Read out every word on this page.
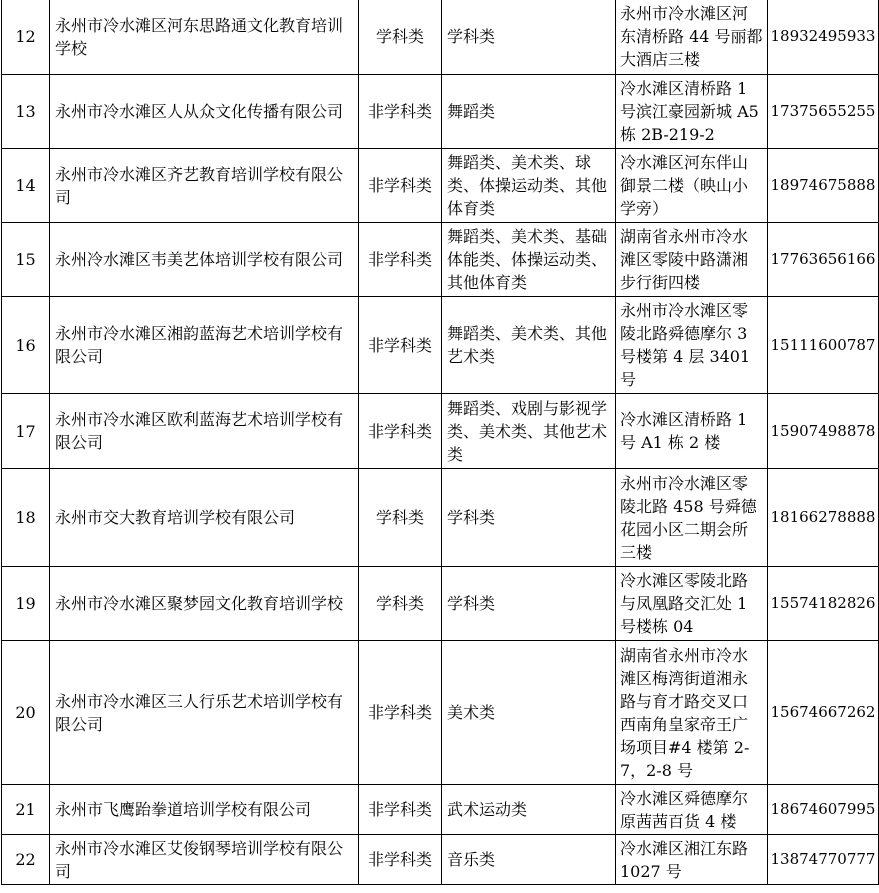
12	永州市冷水滩区河东思路通文化教育培训学校	学科类	学科类	永州市冷水滩区河东清桥路 44 号丽都大酒店三楼	18932495933
13	永州市冷水滩区人从众文化传播有限公司	非学科类	舞蹈类	冷水滩区清桥路 1 号滨江豪园新城 A5 栋 2B-219-2	17375655255
14	永州市冷水滩区齐艺教育培训学校有限公司	非学科类	舞蹈类、美术类、球类、体操运动类、其他体育类	冷水滩区河东伴山御景二楼（映山小学旁）	18974675888
15	永州冷水滩区韦美艺体培训学校有限公司	非学科类	舞蹈类、美术类、基础体能类、体操运动类、其他体育类	湖南省永州市冷水滩区零陵中路潇湘步行街四楼	17763656166
16	永州市冷水滩区湘韵蓝海艺术培训学校有限公司	非学科类	舞蹈类、美术类、其他艺术类	永州市冷水滩区零陵北路舜德摩尔 3 号楼第 4 层 3401 号	15111600787
17	永州市冷水滩区欧利蓝海艺术培训学校有限公司	非学科类	舞蹈类、戏剧与影视学类、美术类、其他艺术类	冷水滩区清桥路 1 号 A1 栋 2 楼	15907498878
18	永州市交大教育培训学校有限公司	学科类	学科类	永州市冷水滩区零陵北路 458 号舜德花园小区二期会所三楼	18166278888
19	永州市冷水滩区聚梦园文化教育培训学校	学科类	学科类	冷水滩区零陵北路与凤凰路交汇处 1 号楼栋 04	15574182826
20	永州市冷水滩区三人行乐艺术培训学校有限公司	非学科类	美术类	湖南省永州市冷水滩区梅湾街道湘永路与育才路交叉口西南角皇家帝王广场项目#4 楼第 2-7，2-8 号	15674667262
21	永州市飞鹰跆拳道培训学校有限公司	非学科类	武术运动类	冷水滩区舜德摩尔原茜茜百货 4 楼	18674607995
22	永州市冷水滩区艾俊钢琴培训学校有限公司	非学科类	音乐类	冷水滩区湘江东路 1027 号	13874770777
